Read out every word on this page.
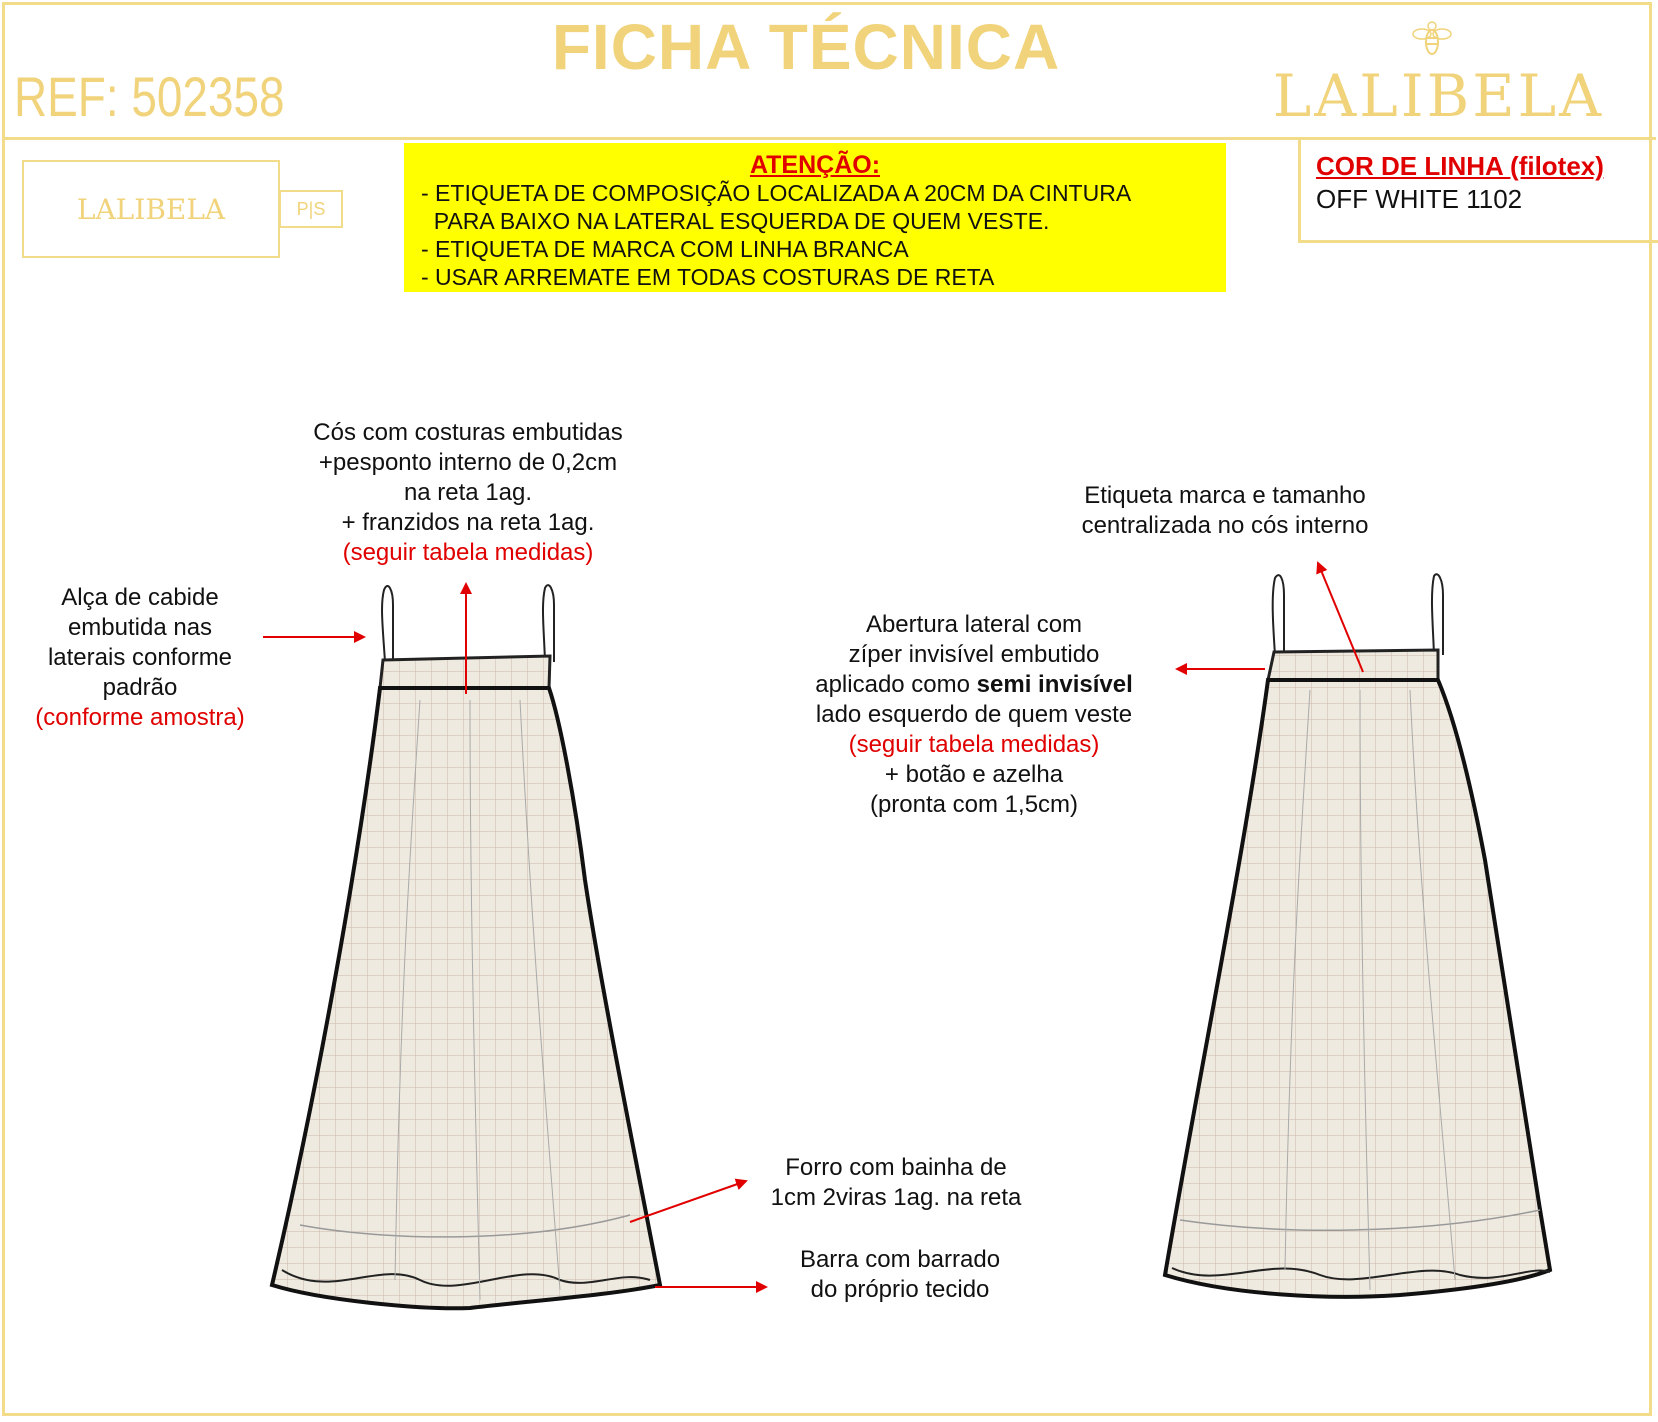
FICHA TÉCNICA
REF: 502358	LALIBELA
LALIBELA	P|S
ATENÇÃO:
- ETIQUETA DE COMPOSIÇÃO LOCALIZADA A 20CM DA CINTURA
PARA BAIXO NA LATERAL ESQUERDA DE QUEM VESTE.
- ETIQUETA DE MARCA COM LINHA BRANCA
- USAR ARREMATE EM TODAS COSTURAS DE RETA
COR DE LINHA (filotex)
OFF WHITE 1102
Cós com costuras embutidas
+pesponto interno de 0,2cm
na reta 1ag.
+ franzidos na reta 1ag.
(seguir tabela medidas)
Alça de cabide
embutida nas
laterais conforme
padrão
(conforme amostra)
Forro com bainha de
1cm 2viras 1ag. na reta
Barra com barrado
do próprio tecido
Etiqueta marca e tamanho
centralizada no cós interno
Abertura lateral com
zíper invisível embutido
aplicado como semi invisível
lado esquerdo de quem veste
(seguir tabela medidas)
+ botão e azelha
(pronta com 1,5cm)
